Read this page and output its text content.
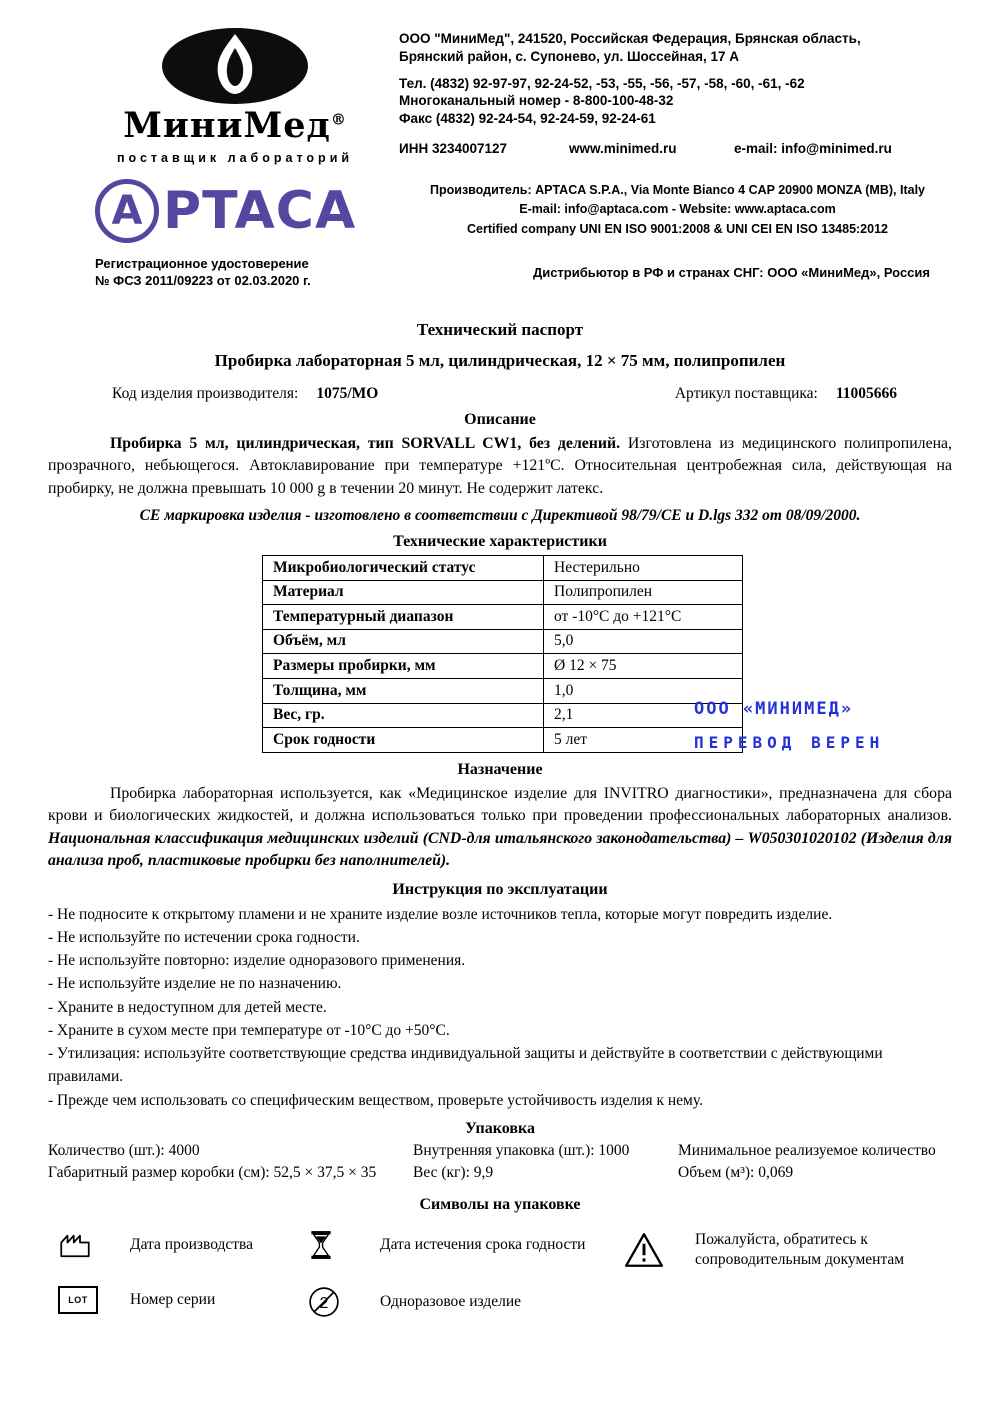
МиниМед®
поставщик лабораторий
ООО "МиниМед", 241520, Российская Федерация, Брянская область,
Брянский район, с. Супонево, ул. Шоссейная, 17 А
Тел. (4832) 92-97-97, 92-24-52, -53, -55, -56, -57, -58, -60, -61, -62
Многоканальный номер - 8-800-100-48-32
Факс (4832) 92-24-54, 92-24-59, 92-24-61
ИНН 3234007127	www.minimed.ru	e-mail: info@minimed.ru
A PTACA	Производитель: APTACA S.P.A., Via Monte Bianco 4 CAP 20900 MONZA (MB), Italy
E-mail: info@aptaca.com - Website: www.aptaca.com
Certified company UNI EN ISO 9001:2008 & UNI CEI EN ISO 13485:2012
Регистрационное удостоверение
№ ФСЗ 2011/09223 от 02.03.2020 г.
Дистрибьютор в РФ и странах СНГ: ООО «МиниМед», Россия
Технический паспорт
Пробирка лабораторная 5 мл, цилиндрическая, 12 × 75 мм, полипропилен
Код изделия производителя: 1075/MO	Артикул поставщика: 11005666
Описание

Пробирка 5 мл, цилиндрическая, тип SORVALL CW1, без делений. Изготовлена из медицинского полипропилена, прозрачного, небьющегося. Автоклавирование при температуре +121ºС. Относительная центробежная сила, действующая на пробирку, не должна превышать 10 000 g в течении 20 минут. Не содержит латекс.

СЕ маркировка изделия - изготовлено в соответствии с Директивой 98/79/СЕ и D.lgs 332 от 08/09/2000.
Технические характеристики
Микробиологический статус	Нестерильно
Материал	Полипропилен
Температурный диапазон	от -10°C до +121°C
Объём, мл	5,0
Размеры пробирки, мм	Ø 12 × 75
Толщина, мм	1,0
Вес, гр.	2,1
Срок годности	5 лет
ООО «МИНИМЕД»
ПЕРЕВОД ВЕРЕН
Назначение

Пробирка лабораторная используется, как «Медицинское изделие для INVITRO диагностики», предназначена для сбора крови и биологических жидкостей, и должна использоваться только при проведении профессиональных лабораторных анализов. Национальная классификация медицинских изделий (CND-для итальянского законодательства) – W050301020102 (Изделия для анализа проб, пластиковые пробирки без наполнителей).

Инструкция по эксплуатации
- Не подносите к открытому пламени и не храните изделие возле источников тепла, которые могут повредить изделие.
- Не используйте по истечении срока годности.
- Не используйте повторно: изделие одноразового применения.
- Не используйте изделие не по назначению.
- Храните в недоступном для детей месте.
- Храните в сухом месте при температуре от -10°C до +50°C.
- Утилизация: используйте соответствующие средства индивидуальной защиты и действуйте в соответствии с действующими правилами.
- Прежде чем использовать со специфическим веществом, проверьте устойчивость изделия к нему.
Упаковка
Количество (шт.): 4000	Внутренняя упаковка (шт.): 1000	Минимальное реализуемое количество
Габаритный размер коробки (см): 52,5 × 37,5 × 35	Вес (кг): 9,9	Объем (м³): 0,069
Символы на упаковке
Дата производства	Дата истечения срока годности	Пожалуйста, обратитесь к сопроводительным документам
LOT	Номер серии	2	Одноразовое изделие
